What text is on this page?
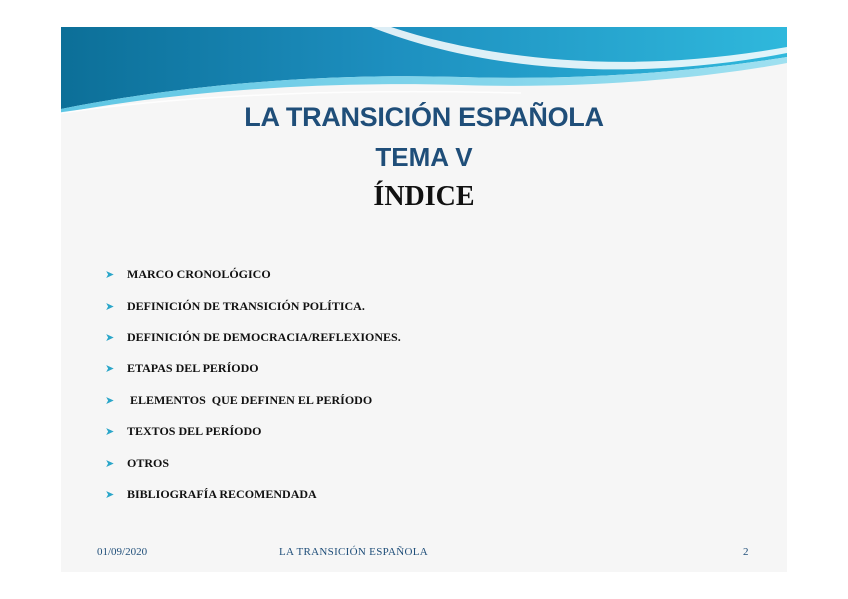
LA TRANSICIÓN ESPAÑOLA
TEMA V
ÍNDICE
➤	MARCO CRONOLÓGICO
➤	DEFINICIÓN DE TRANSICIÓN POLÍTICA.
➤	DEFINICIÓN DE DEMOCRACIA/REFLEXIONES.
➤	ETAPAS DEL PERÍODO
➤	ELEMENTOS  QUE DEFINEN EL PERÍODO
➤	TEXTOS DEL PERÍODO
➤	OTROS
➤	BIBLIOGRAFÍA RECOMENDADA
01/09/2020	LA TRANSICIÓN ESPAÑOLA	2
